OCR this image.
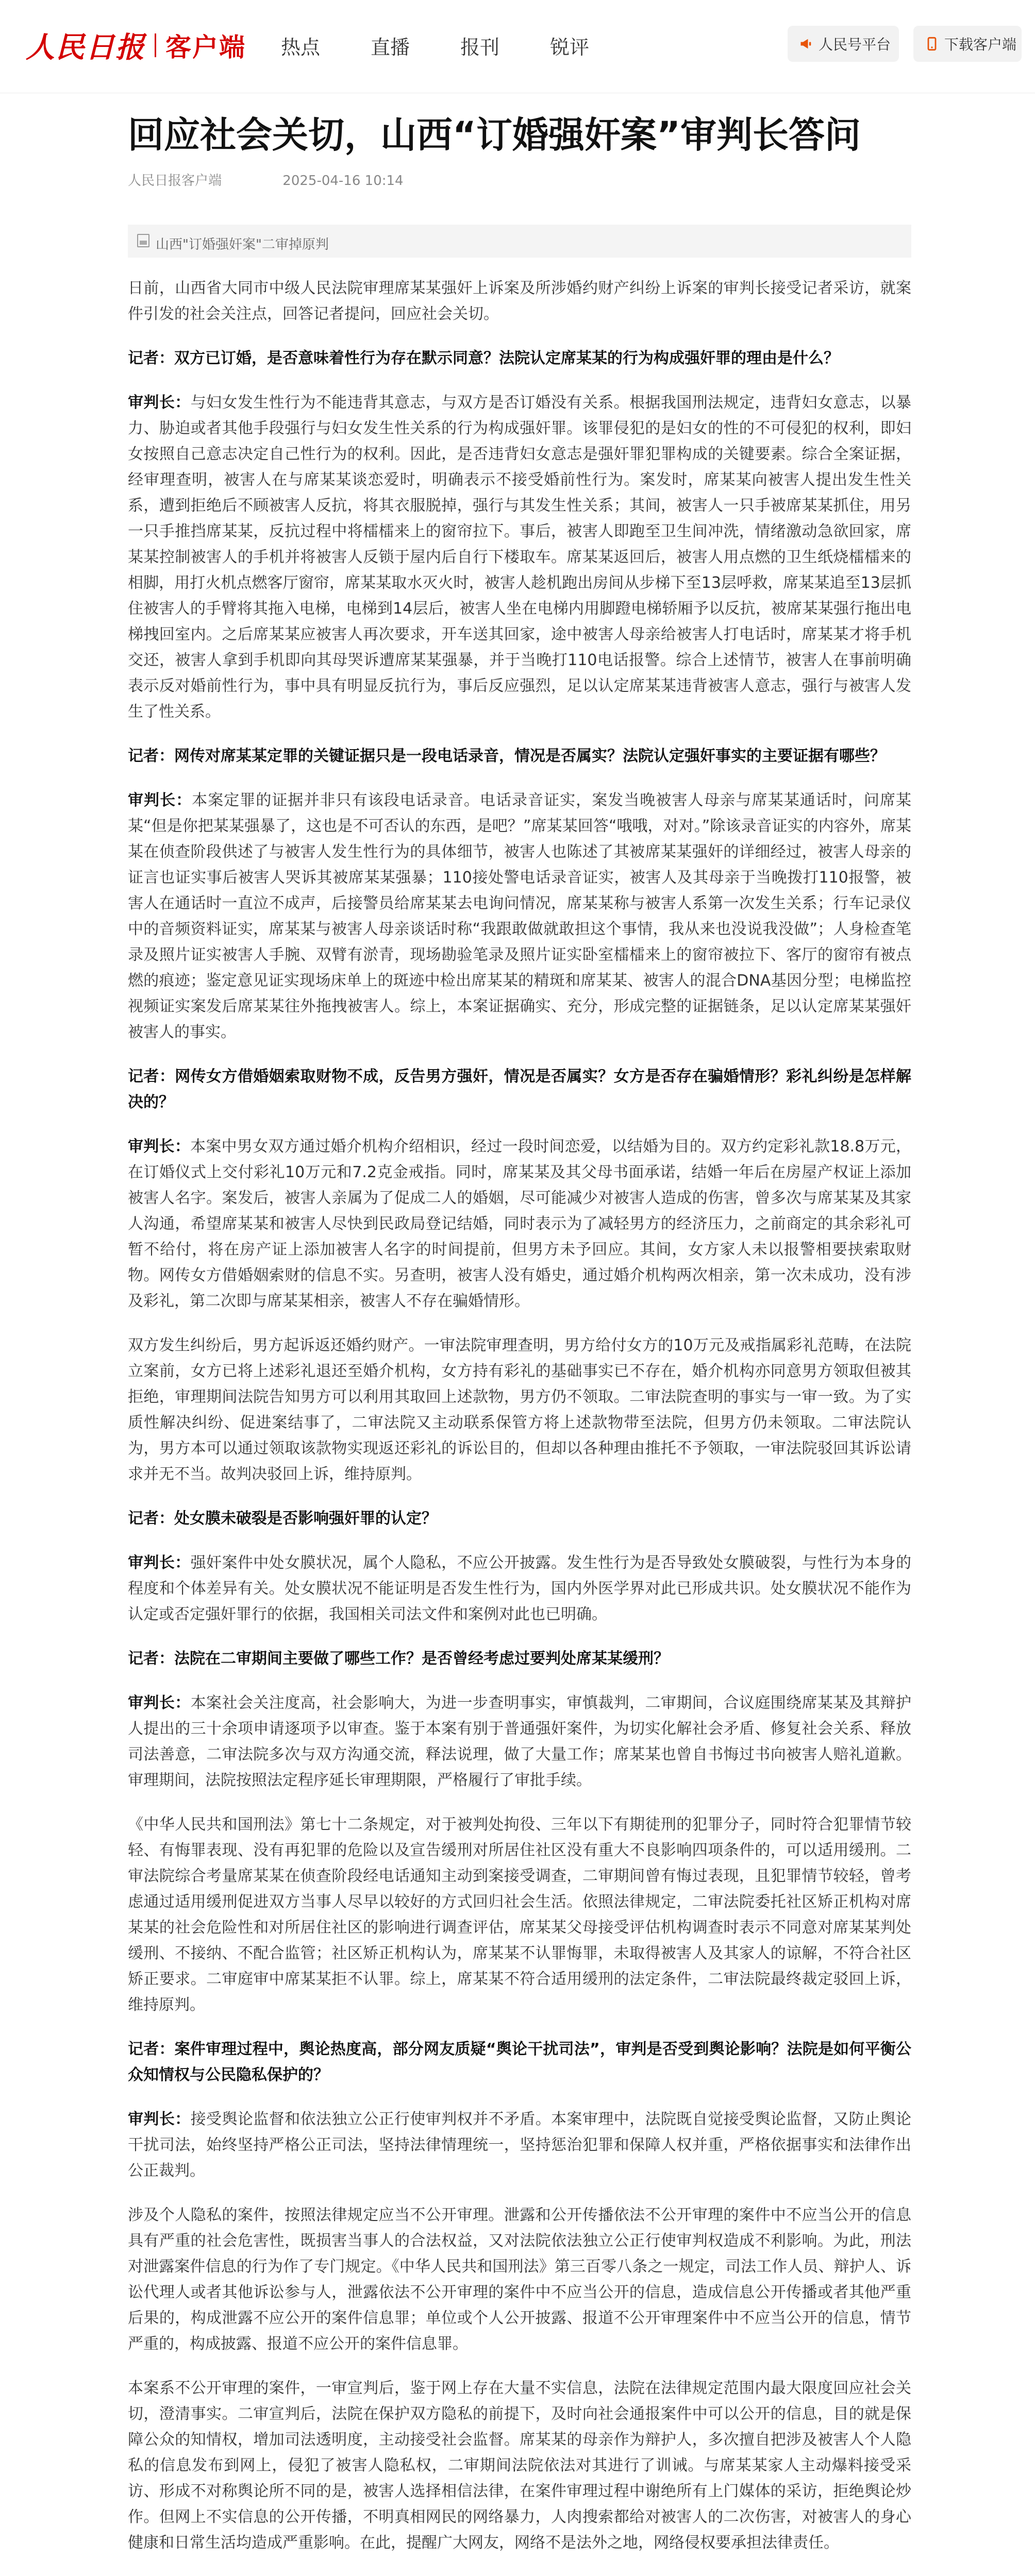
人民日报 客户端 热点	直播	报刊	锐评	人民号平台	下载客户端
回应社会关切，山西“订婚强奸案”审判长答问
人民日报客户端	2025-04-16 10:14
山西"订婚强奸案"二审掉原判

日前，山西省大同市中级人民法院审理席某某强奸上诉案及所涉婚约财产纠纷上诉案的审判长接受记者采访，就案件引发的社会关注点，回答记者提问，回应社会关切。

记者：双方已订婚，是否意味着性行为存在默示同意？法院认定席某某的行为构成强奸罪的理由是什么？

审判长：与妇女发生性行为不能违背其意志，与双方是否订婚没有关系。根据我国刑法规定，违背妇女意志，以暴力、胁迫或者其他手段强行与妇女发生性关系的行为构成强奸罪。该罪侵犯的是妇女的性的不可侵犯的权利，即妇女按照自己意志决定自己性行为的权利。因此，是否违背妇女意志是强奸罪犯罪构成的关键要素。综合全案证据，经审理查明，被害人在与席某某谈恋爱时，明确表示不接受婚前性行为。案发时，席某某向被害人提出发生性关系，遭到拒绝后不顾被害人反抗，将其衣服脱掉，强行与其发生性关系；其间，被害人一只手被席某某抓住，用另一只手推挡席某某，反抗过程中将檑檑来上的窗帘拉下。事后，被害人即跑至卫生间冲洗，情绪激动急欲回家，席某某控制被害人的手机并将被害人反锁于屋内后自行下楼取车。席某某返回后，被害人用点燃的卫生纸烧檑檑来的相脚，用打火机点燃客厅窗帘，席某某取水灭火时，被害人趁机跑出房间从步梯下至13层呼救，席某某追至13层抓住被害人的手臂将其拖入电梯，电梯到14层后，被害人坐在电梯内用脚蹬电梯轿厢予以反抗，被席某某强行拖出电梯拽回室内。之后席某某应被害人再次要求，开车送其回家，途中被害人母亲给被害人打电话时，席某某才将手机交还，被害人拿到手机即向其母哭诉遭席某某强暴，并于当晚打110电话报警。综合上述情节，被害人在事前明确表示反对婚前性行为，事中具有明显反抗行为，事后反应强烈，足以认定席某某违背被害人意志，强行与被害人发生了性关系。

记者：网传对席某某定罪的关键证据只是一段电话录音，情况是否属实？法院认定强奸事实的主要证据有哪些？

审判长：本案定罪的证据并非只有该段电话录音。电话录音证实，案发当晚被害人母亲与席某某通话时，问席某某“但是你把某某强暴了，这也是不可否认的东西，是吧？”席某某回答“哦哦，对对。”除该录音证实的内容外，席某某在侦查阶段供述了与被害人发生性行为的具体细节，被害人也陈述了其被席某某强奸的详细经过，被害人母亲的证言也证实事后被害人哭诉其被席某某强暴；110接处警电话录音证实，被害人及其母亲于当晚拨打110报警，被害人在通话时一直泣不成声，后接警员给席某某去电询问情况，席某某称与被害人系第一次发生关系；行车记录仪中的音频资料证实，席某某与被害人母亲谈话时称“我跟敢做就敢担这个事情，我从来也没说我没做”；人身检查笔录及照片证实被害人手腕、双臂有淤青，现场勘验笔录及照片证实卧室檑檑来上的窗帘被拉下、客厅的窗帘有被点燃的痕迹；鉴定意见证实现场床单上的斑迹中检出席某某的精斑和席某某、被害人的混合DNA基因分型；电梯监控视频证实案发后席某某往外拖拽被害人。综上，本案证据确实、充分，形成完整的证据链条，足以认定席某某强奸被害人的事实。

记者：网传女方借婚姻索取财物不成，反告男方强奸，情况是否属实？女方是否存在骗婚情形？彩礼纠纷是怎样解决的？

审判长：本案中男女双方通过婚介机构介绍相识，经过一段时间恋爱，以结婚为目的。双方约定彩礼款18.8万元，在订婚仪式上交付彩礼10万元和7.2克金戒指。同时，席某某及其父母书面承诺，结婚一年后在房屋产权证上添加被害人名字。案发后，被害人亲属为了促成二人的婚姻，尽可能减少对被害人造成的伤害，曾多次与席某某及其家人沟通，希望席某某和被害人尽快到民政局登记结婚，同时表示为了减轻男方的经济压力，之前商定的其余彩礼可暂不给付，将在房产证上添加被害人名字的时间提前，但男方未予回应。其间，女方家人未以报警相要挟索取财物。网传女方借婚姻索财的信息不实。另查明，被害人没有婚史，通过婚介机构两次相亲，第一次未成功，没有涉及彩礼，第二次即与席某某相亲，被害人不存在骗婚情形。

双方发生纠纷后，男方起诉返还婚约财产。一审法院审理查明，男方给付女方的10万元及戒指属彩礼范畴，在法院立案前，女方已将上述彩礼退还至婚介机构，女方持有彩礼的基础事实已不存在，婚介机构亦同意男方领取但被其拒绝，审理期间法院告知男方可以利用其取回上述款物，男方仍不领取。二审法院查明的事实与一审一致。为了实质性解决纠纷、促进案结事了，二审法院又主动联系保管方将上述款物带至法院，但男方仍未领取。二审法院认为，男方本可以通过领取该款物实现返还彩礼的诉讼目的，但却以各种理由推托不予领取，一审法院驳回其诉讼请求并无不当。故判决驳回上诉，维持原判。

记者：处女膜未破裂是否影响强奸罪的认定？

审判长：强奸案件中处女膜状况，属个人隐私，不应公开披露。发生性行为是否导致处女膜破裂，与性行为本身的程度和个体差异有关。处女膜状况不能证明是否发生性行为，国内外医学界对此已形成共识。处女膜状况不能作为认定或否定强奸罪行的依据，我国相关司法文件和案例对此也已明确。

记者：法院在二审期间主要做了哪些工作？是否曾经考虑过要判处席某某缓刑？

审判长：本案社会关注度高，社会影响大，为进一步查明事实，审慎裁判，二审期间，合议庭围绕席某某及其辩护人提出的三十余项申请逐项予以审查。鉴于本案有别于普通强奸案件，为切实化解社会矛盾、修复社会关系、释放司法善意，二审法院多次与双方沟通交流，释法说理，做了大量工作；席某某也曾自书悔过书向被害人赔礼道歉。审理期间，法院按照法定程序延长审理期限，严格履行了审批手续。

《中华人民共和国刑法》第七十二条规定，对于被判处拘役、三年以下有期徒刑的犯罪分子，同时符合犯罪情节较轻、有悔罪表现、没有再犯罪的危险以及宣告缓刑对所居住社区没有重大不良影响四项条件的，可以适用缓刑。二审法院综合考量席某某在侦查阶段经电话通知主动到案接受调查，二审期间曾有悔过表现，且犯罪情节较轻，曾考虑通过适用缓刑促进双方当事人尽早以较好的方式回归社会生活。依照法律规定，二审法院委托社区矫正机构对席某某的社会危险性和对所居住社区的影响进行调查评估，席某某父母接受评估机构调查时表示不同意对席某某判处缓刑、不接纳、不配合监管；社区矫正机构认为，席某某不认罪悔罪，未取得被害人及其家人的谅解，不符合社区矫正要求。二审庭审中席某某拒不认罪。综上，席某某不符合适用缓刑的法定条件，二审法院最终裁定驳回上诉，维持原判。

记者：案件审理过程中，舆论热度高，部分网友质疑“舆论干扰司法”，审判是否受到舆论影响？法院是如何平衡公众知情权与公民隐私保护的？

审判长：接受舆论监督和依法独立公正行使审判权并不矛盾。本案审理中，法院既自觉接受舆论监督，又防止舆论干扰司法，始终坚持严格公正司法，坚持法律情理统一，坚持惩治犯罪和保障人权并重，严格依据事实和法律作出公正裁判。

涉及个人隐私的案件，按照法律规定应当不公开审理。泄露和公开传播依法不公开审理的案件中不应当公开的信息具有严重的社会危害性，既损害当事人的合法权益，又对法院依法独立公正行使审判权造成不利影响。为此，刑法对泄露案件信息的行为作了专门规定。《中华人民共和国刑法》第三百零八条之一规定，司法工作人员、辩护人、诉讼代理人或者其他诉讼参与人，泄露依法不公开审理的案件中不应当公开的信息，造成信息公开传播或者其他严重后果的，构成泄露不应公开的案件信息罪；单位或个人公开披露、报道不公开审理案件中不应当公开的信息，情节严重的，构成披露、报道不应公开的案件信息罪。

本案系不公开审理的案件，一审宣判后，鉴于网上存在大量不实信息，法院在法律规定范围内最大限度回应社会关切，澄清事实。二审宣判后，法院在保护双方隐私的前提下，及时向社会通报案件中可以公开的信息，目的就是保障公众的知情权，增加司法透明度，主动接受社会监督。席某某的母亲作为辩护人，多次擅自把涉及被害人个人隐私的信息发布到网上，侵犯了被害人隐私权，二审期间法院依法对其进行了训诫。与席某某家人主动爆料接受采访、形成不对称舆论所不同的是，被害人选择相信法律，在案件审理过程中谢绝所有上门媒体的采访，拒绝舆论炒作。但网上不实信息的公开传播，不明真相网民的网络暴力，人肉搜索都给对被害人的二次伤害，对被害人的身心健康和日常生活均造成严重影响。在此，提醒广大网友，网络不是法外之地，网络侵权要承担法律责任。
